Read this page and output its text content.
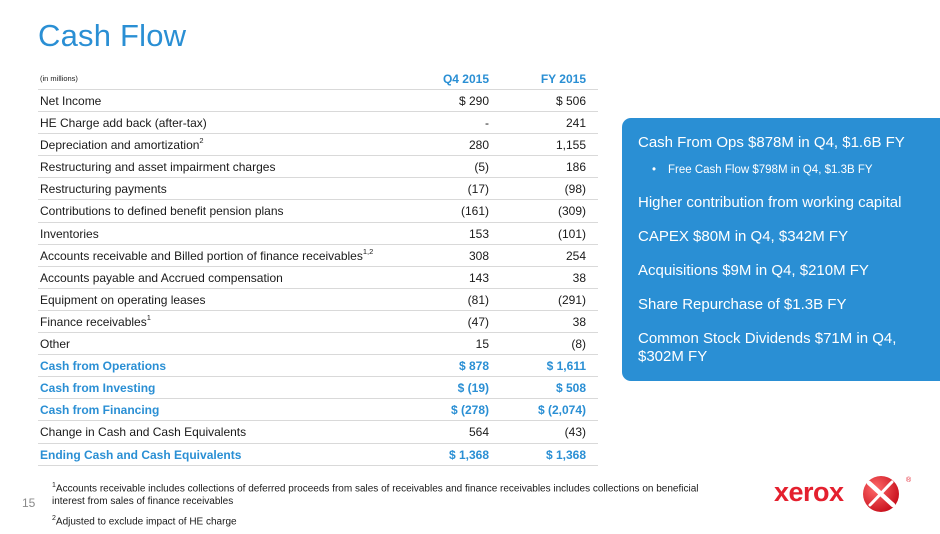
Cash Flow
(in millions)	Q4 2015	FY 2015
Net Income	$ 290	$ 506
HE Charge add back (after-tax)	-	241
Depreciation and amortization$^2$	280	1,155
Restructuring and asset impairment charges	(5)	186
Restructuring payments	(17)	(98)
Contributions to defined benefit pension plans	(161)	(309)
Inventories	153	(101)
Accounts receivable and Billed portion of finance receivables$^{1,2}$	308	254
Accounts payable and Accrued compensation	143	38
Equipment on operating leases	(81)	(291)
Finance receivables$^1$	(47)	38
Other	15	(8)
Cash from Operations	$ 878	$ 1,611
Cash from Investing	$ (19)	$ 508
Cash from Financing	$ (278)	$ (2,074)
Change in Cash and Cash Equivalents	564	(43)
Ending Cash and Cash Equivalents	$ 1,368	$ 1,368
Cash From Ops $878M in Q4, $1.6B FY
• Free Cash Flow $798M in Q4, $1.3B FY
Higher contribution from working capital
CAPEX $80M in Q4, $342M FY
Acquisitions $9M in Q4, $210M FY
Share Repurchase of $1.3B FY
Common Stock Dividends $71M in Q4, $302M FY
$^1$Accounts receivable includes collections of deferred proceeds from sales of receivables and finance receivables includes collections on beneficial interest from sales of finance receivables
$^2$Adjusted to exclude impact of HE charge
15	xerox	®
